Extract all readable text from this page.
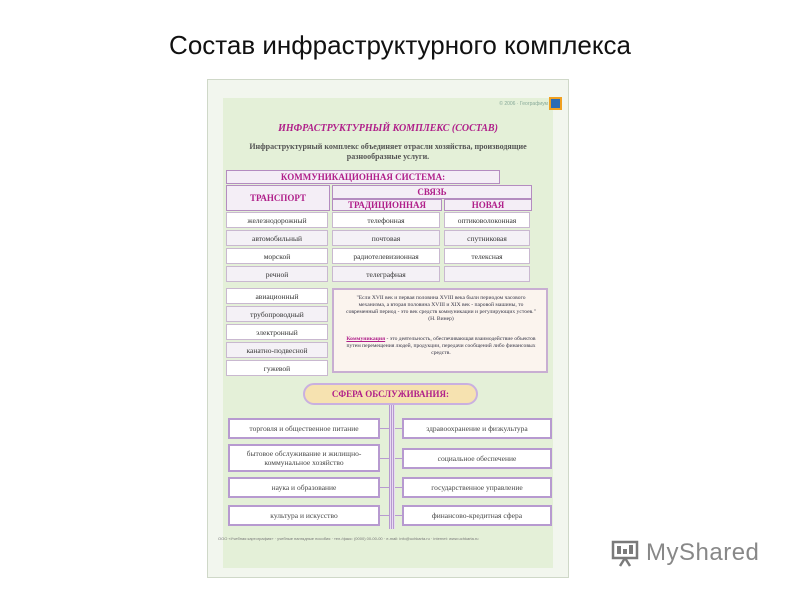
Состав инфраструктурного комплекса
© 2006 · Географиум
ИНФРАСТРУКТУРНЫЙ КОМПЛЕКС (СОСТАВ)
Инфраструктурный комплекс объединяет отрасли хозяйства, производящие разнообразные услуги.
КОММУНИКАЦИОННАЯ СИСТЕМА:
ТРАНСПОРТ
СВЯЗЬ
ТРАДИЦИОННАЯ	НОВАЯ
железнодорожный
автомобильный
морской
речной
авиационный
трубопроводный
электронный
канатно-подвесной
гужевой
телефонная
почтовая
радиотелевизионная
телеграфная
оптиковолоконная
спутниковая
телексная
"Если XVII век и первая половина XVIII века были периодом часового механизма, а вторая половина XVIII и XIX век - паровой машины, то современный период - это век средств коммуникации и регулирующих устоев." (Н. Винер)
Коммуникация - это деятельность, обеспечивающая взаимодействие объектов путем перемещения людей, продукции, передачи сообщений либо финансовых средств.
СФЕРА ОБСЛУЖИВАНИЯ:
торговля и общественное питание
бытовое обслуживание и жилищно-коммунальное хозяйство
наука и образование
культура и искусство
здравоохранение и физкультура
социальное обеспечение
государственное управление
финансово-кредитная сфера
ООО «Учебная картография» · учебные наглядные пособия · тел./факс: (0000) 00-00-00 · e-mail: info@uchkarta.ru · internet: www.uchkarta.ru
MyShared
